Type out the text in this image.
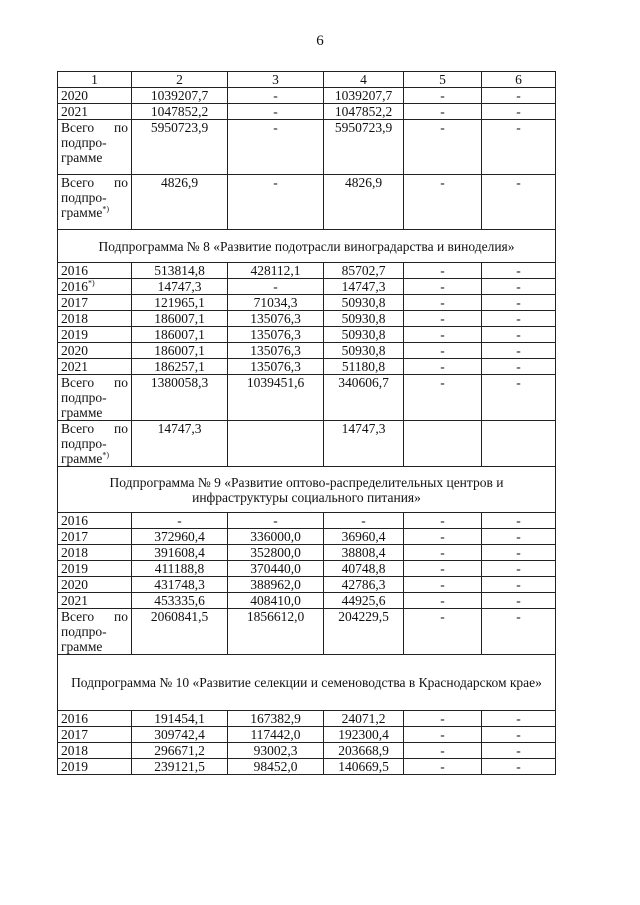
6
1	2	3	4	5	6
2020	1039207,7	-	1039207,7	-	-
2021	1047852,2	-	1047852,2	-	-
Всего по подпро-грамме	5950723,9	-	5950723,9	-	-
Всего по подпро-грамме*)	4826,9	-	4826,9	-	-
Подпрограмма № 8 «Развитие подотрасли виноградарства и виноделия»					
2016	513814,8	428112,1	85702,7	-	-
2016*)	14747,3	-	14747,3	-	-
2017	121965,1	71034,3	50930,8	-	-
2018	186007,1	135076,3	50930,8	-	-
2019	186007,1	135076,3	50930,8	-	-
2020	186007,1	135076,3	50930,8	-	-
2021	186257,1	135076,3	51180,8	-	-
Всего по подпро-грамме	1380058,3	1039451,6	340606,7	-	-
Всего по подпро-грамме*)	14747,3		14747,3		
Подпрограмма № 9 «Развитие оптово-распределительных центров и инфраструктуры социального питания»					
2016	-	-	-	-	-
2017	372960,4	336000,0	36960,4	-	-
2018	391608,4	352800,0	38808,4	-	-
2019	411188,8	370440,0	40748,8	-	-
2020	431748,3	388962,0	42786,3	-	-
2021	453335,6	408410,0	44925,6	-	-
Всего по подпро-грамме	2060841,5	1856612,0	204229,5	-	-
Подпрограмма № 10 «Развитие селекции и семеноводства в Краснодарском крае»					
2016	191454,1	167382,9	24071,2	-	-
2017	309742,4	117442,0	192300,4	-	-
2018	296671,2	93002,3	203668,9	-	-
2019	239121,5	98452,0	140669,5	-	-
